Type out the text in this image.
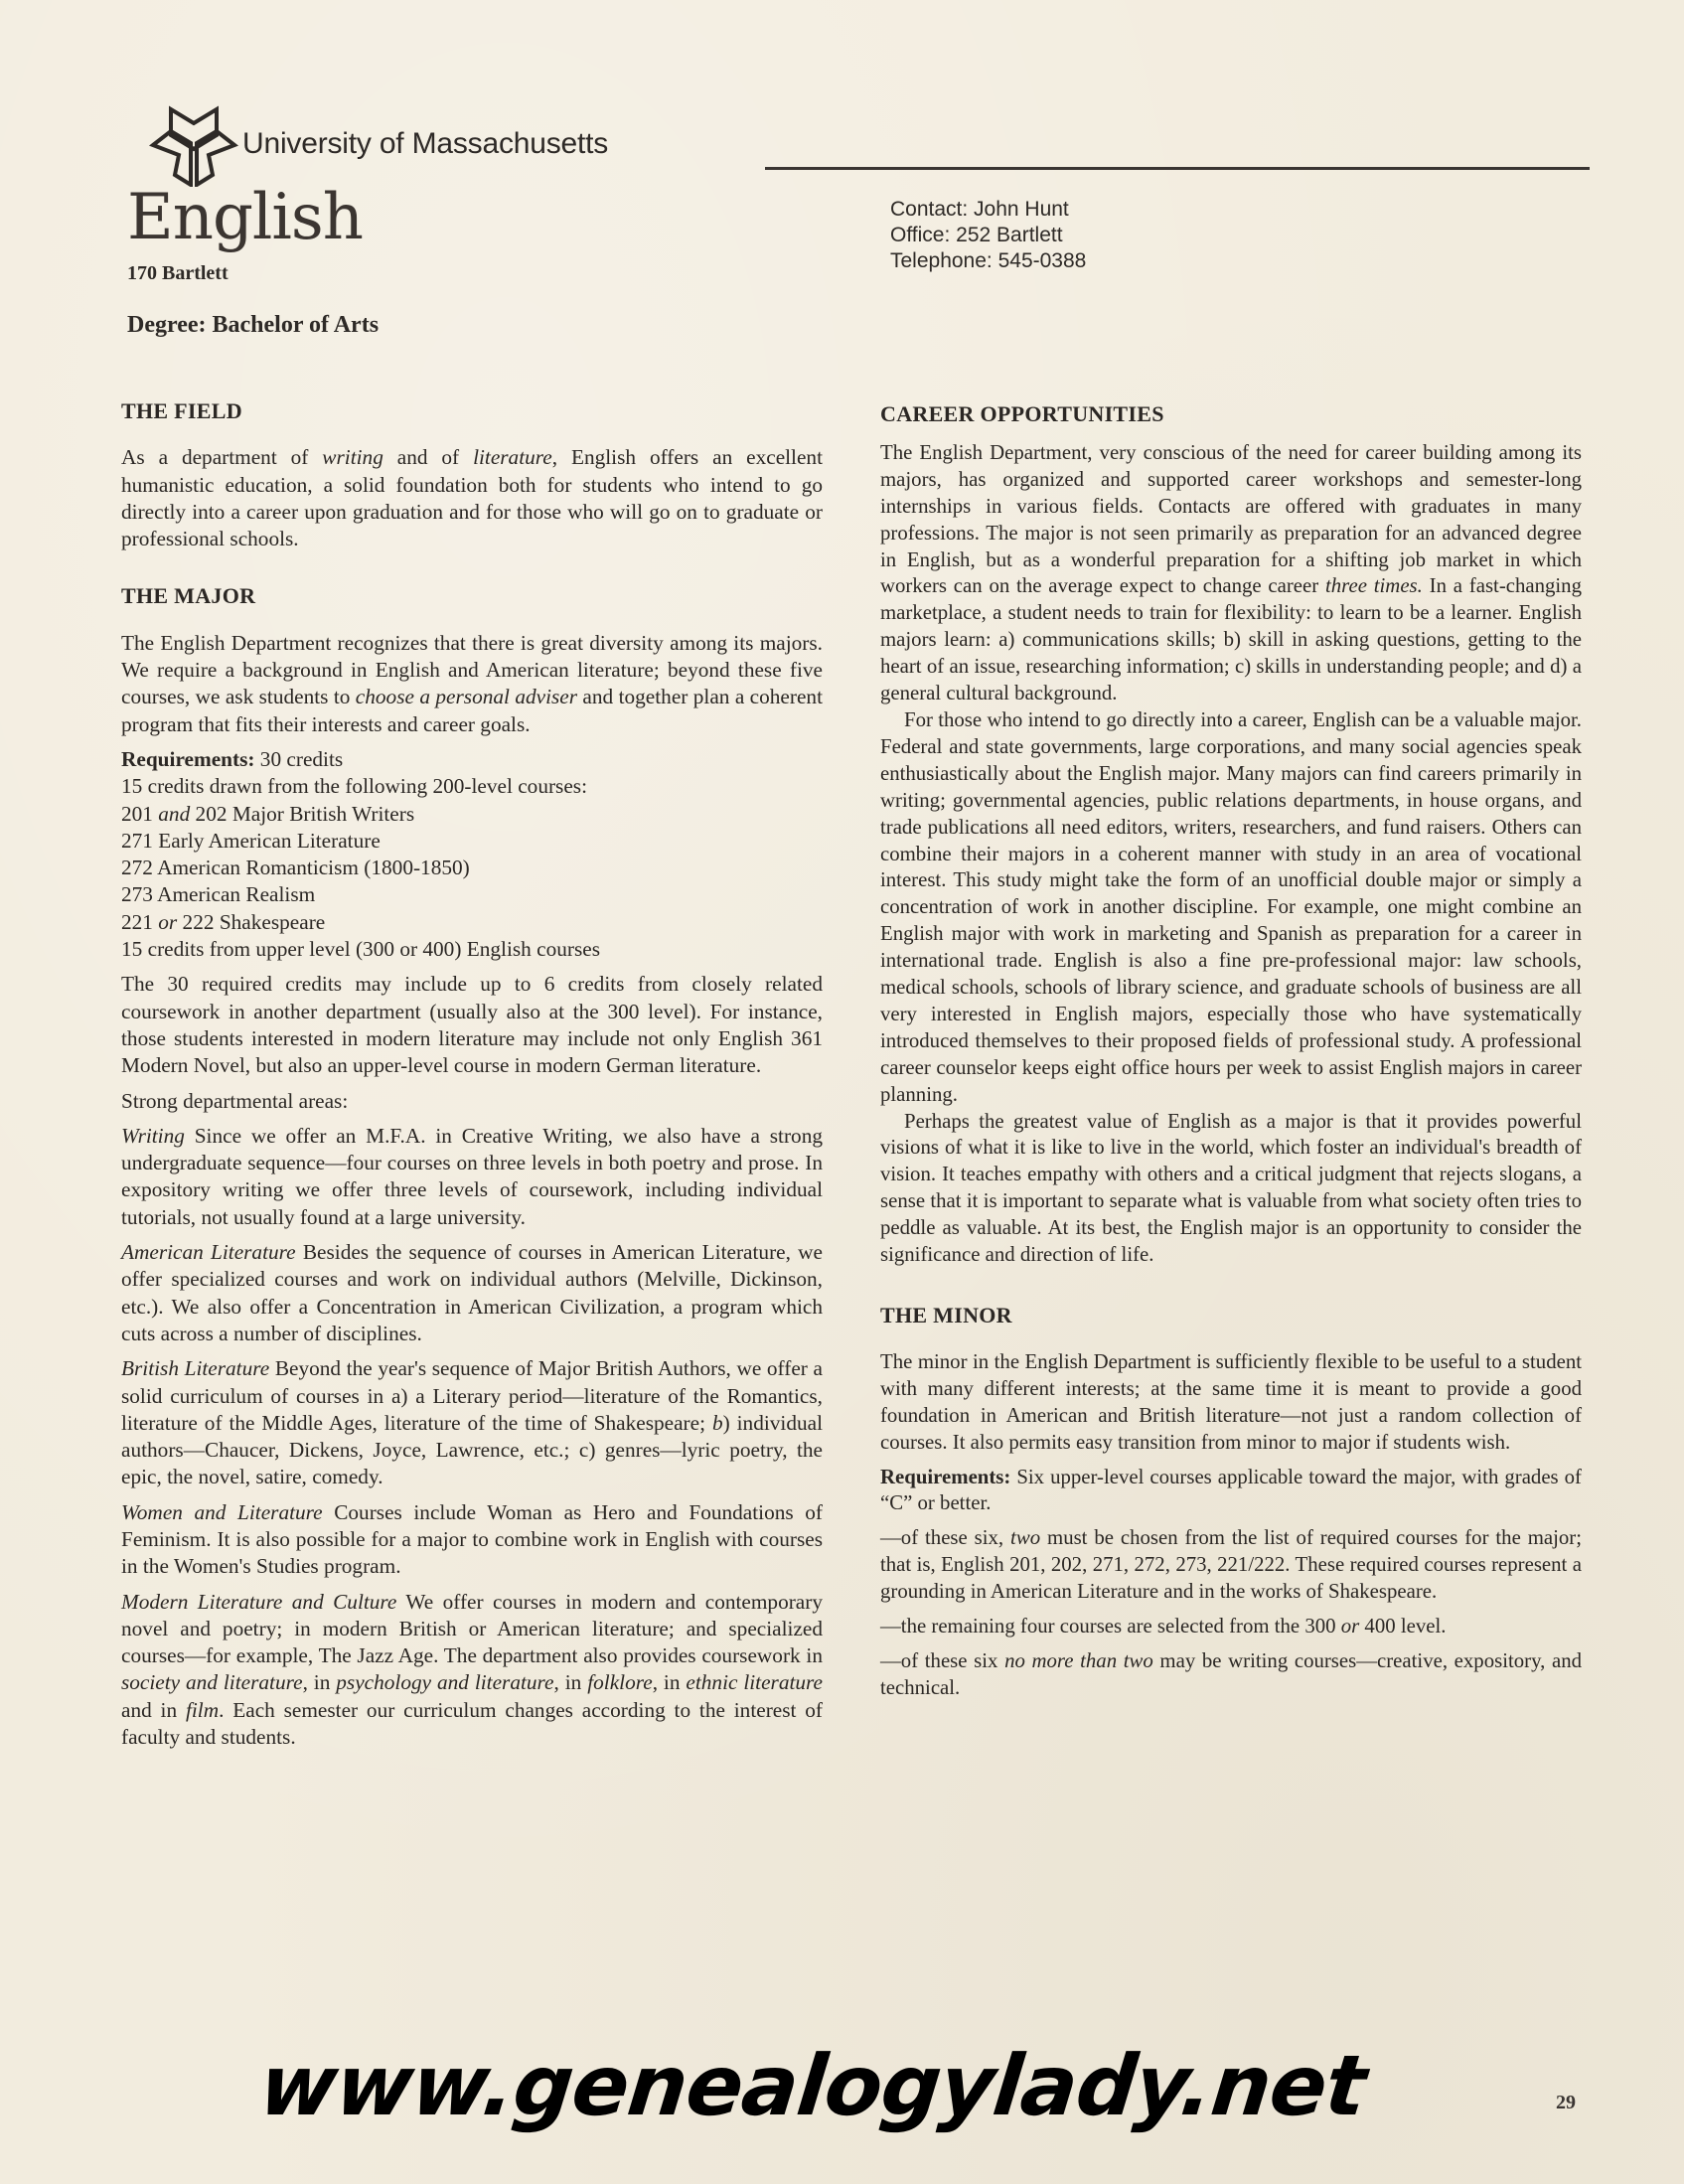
University of Massachusetts
English
170 Bartlett
Degree: Bachelor of Arts
Contact: John Hunt
Office: 252 Bartlett
Telephone: 545-0388
THE FIELD

As a department of writing and of literature, English offers an excellent humanistic education, a solid foundation both for students who intend to go directly into a career upon graduation and for those who will go on to graduate or professional schools.

THE MAJOR

The English Department recognizes that there is great diversity among its majors. We require a background in English and American literature; beyond these five courses, we ask students to choose a personal adviser and together plan a coherent program that fits their interests and career goals.

Requirements: 30 credits

15 credits drawn from the following 200-level courses:

201 and 202 Major British Writers

271 Early American Literature

272 American Romanticism (1800-1850)

273 American Realism

221 or 222 Shakespeare

15 credits from upper level (300 or 400) English courses

The 30 required credits may include up to 6 credits from closely related coursework in another department (usually also at the 300 level). For instance, those students interested in modern literature may include not only English 361 Modern Novel, but also an upper-level course in modern German literature.

Strong departmental areas:

Writing Since we offer an M.F.A. in Creative Writing, we also have a strong undergraduate sequence—four courses on three levels in both poetry and prose. In expository writing we offer three levels of coursework, including individual tutorials, not usually found at a large university.

American Literature Besides the sequence of courses in American Literature, we offer specialized courses and work on individual authors (Melville, Dickinson, etc.). We also offer a Concentration in American Civilization, a program which cuts across a number of disciplines.

British Literature Beyond the year's sequence of Major British Authors, we offer a solid curriculum of courses in a) a Literary period—literature of the Romantics, literature of the Middle Ages, literature of the time of Shakespeare; b) individual authors—Chaucer, Dickens, Joyce, Lawrence, etc.; c) genres—lyric poetry, the epic, the novel, satire, comedy.

Women and Literature Courses include Woman as Hero and Foundations of Feminism. It is also possible for a major to combine work in English with courses in the Women's Studies program.

Modern Literature and Culture We offer courses in modern and contemporary novel and poetry; in modern British or American literature; and specialized courses—for example, The Jazz Age. The department also provides coursework in society and literature, in psychology and literature, in folklore, in ethnic literature and in film. Each semester our curriculum changes according to the interest of faculty and students.

CAREER OPPORTUNITIES

The English Department, very conscious of the need for career building among its majors, has organized and supported career workshops and semester-long internships in various fields. Contacts are offered with graduates in many professions. The major is not seen primarily as preparation for an advanced degree in English, but as a wonderful preparation for a shifting job market in which workers can on the average expect to change career three times. In a fast-changing marketplace, a student needs to train for flexibility: to learn to be a learner. English majors learn: a) communications skills; b) skill in asking questions, getting to the heart of an issue, researching information; c) skills in understanding people; and d) a general cultural background.

For those who intend to go directly into a career, English can be a valuable major. Federal and state governments, large corporations, and many social agencies speak enthusiastically about the English major. Many majors can find careers primarily in writing; governmental agencies, public relations departments, in house organs, and trade publications all need editors, writers, researchers, and fund raisers. Others can combine their majors in a coherent manner with study in an area of vocational interest. This study might take the form of an unofficial double major or simply a concentration of work in another discipline. For example, one might combine an English major with work in marketing and Spanish as preparation for a career in international trade. English is also a fine pre-professional major: law schools, medical schools, schools of library science, and graduate schools of business are all very interested in English majors, especially those who have systematically introduced themselves to their proposed fields of professional study. A professional career counselor keeps eight office hours per week to assist English majors in career planning.

Perhaps the greatest value of English as a major is that it provides powerful visions of what it is like to live in the world, which foster an individual's breadth of vision. It teaches empathy with others and a critical judgment that rejects slogans, a sense that it is important to separate what is valuable from what society often tries to peddle as valuable. At its best, the English major is an opportunity to consider the significance and direction of life.

THE MINOR

The minor in the English Department is sufficiently flexible to be useful to a student with many different interests; at the same time it is meant to provide a good foundation in American and British literature—not just a random collection of courses. It also permits easy transition from minor to major if students wish.

Requirements: Six upper-level courses applicable toward the major, with grades of “C” or better.

—of these six, two must be chosen from the list of required courses for the major; that is, English 201, 202, 271, 272, 273, 221/222. These required courses represent a grounding in American Literature and in the works of Shakespeare.

—the remaining four courses are selected from the 300 or 400 level.

—of these six no more than two may be writing courses—creative, expository, and technical.

www.genealogylady.net	29
